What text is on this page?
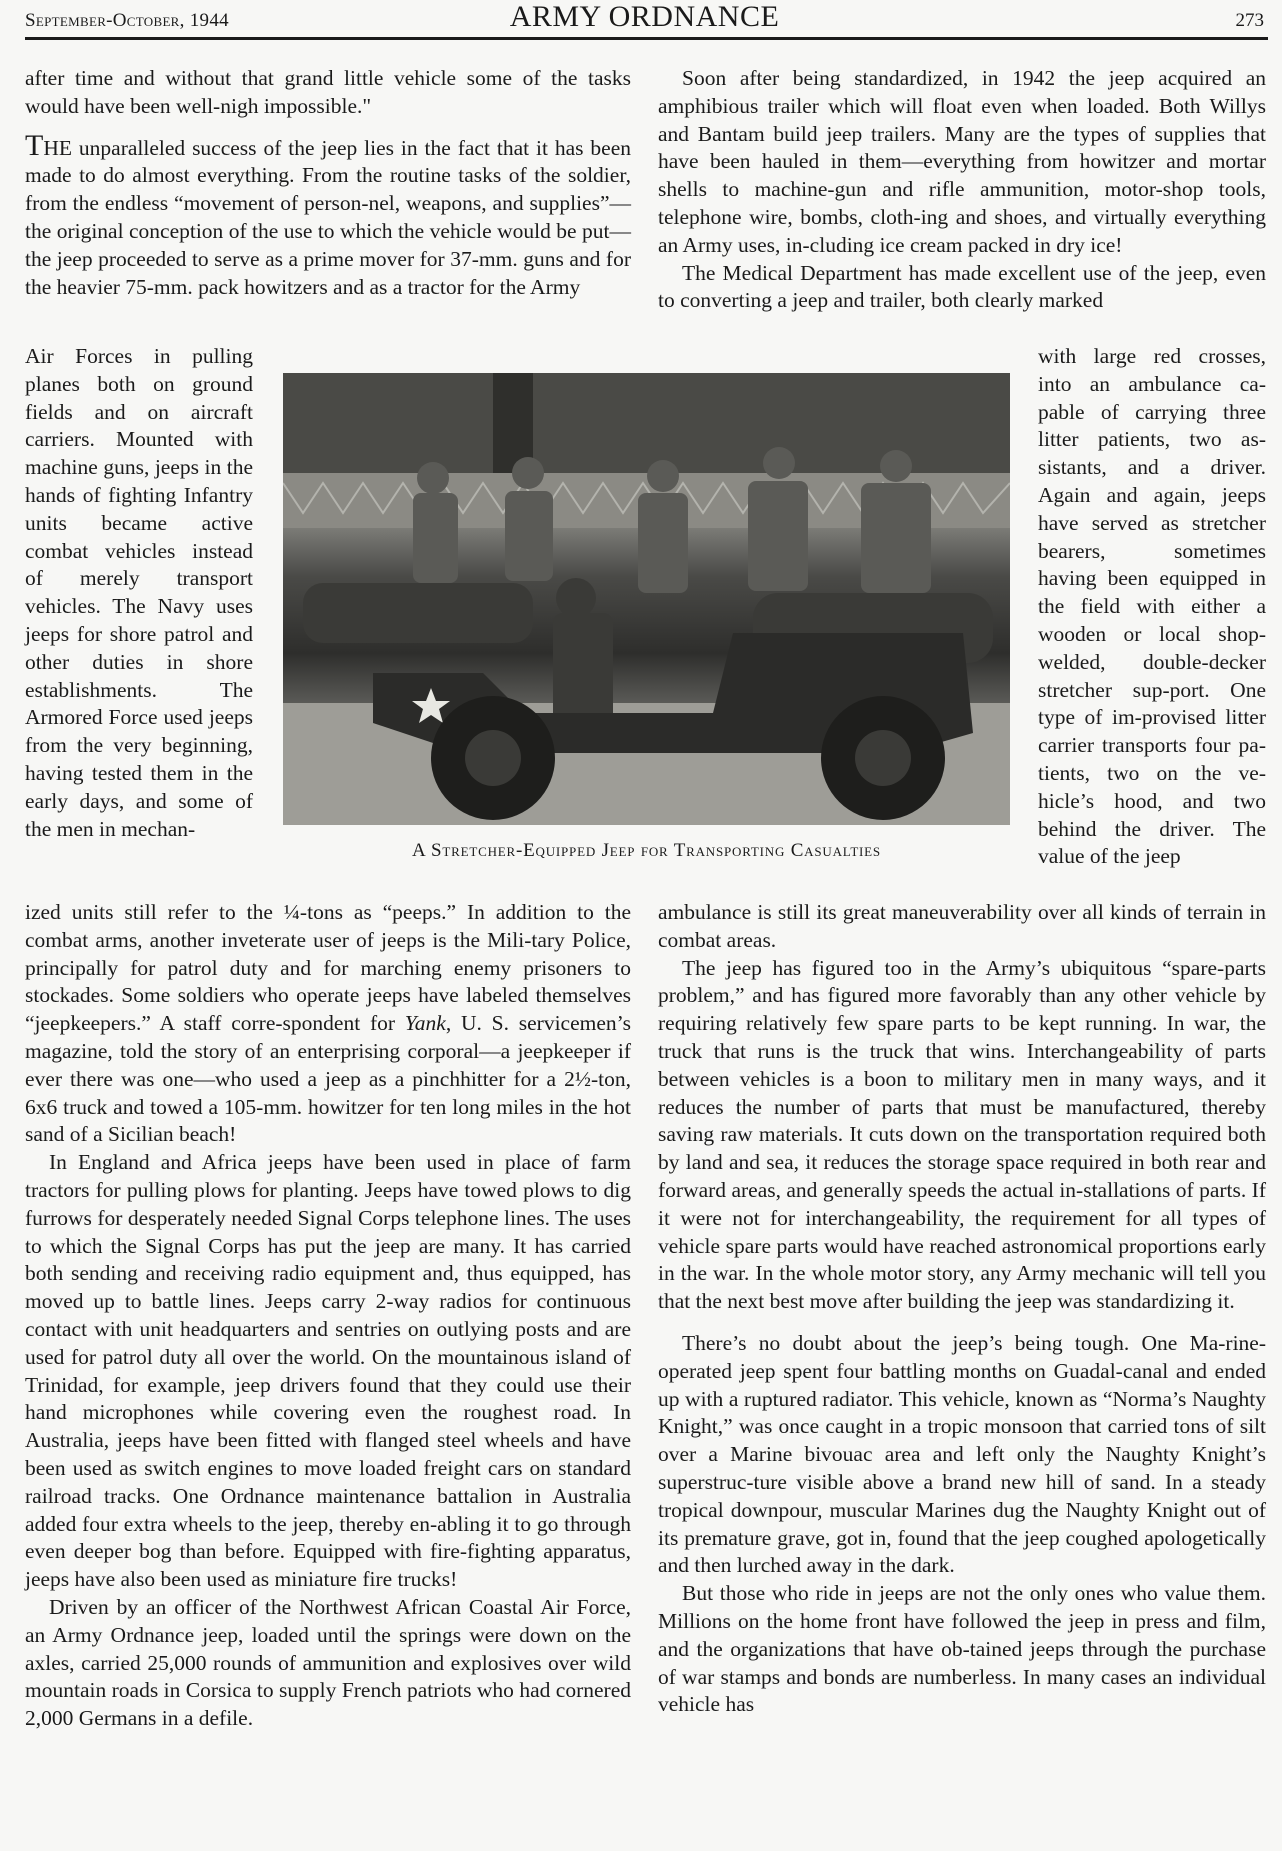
September-October, 1944	ARMY ORDNANCE	273

after time and without that grand little vehicle some of the tasks would have been well-nigh impossible."

THE unparalleled success of the jeep lies in the fact that it has been made to do almost everything. From the routine tasks of the soldier, from the endless “movement of person-nel, weapons, and supplies”—the original conception of the use to which the vehicle would be put—the jeep proceeded to serve as a prime mover for 37-mm. guns and for the heavier 75-mm. pack howitzers and as a tractor for the Army

Air Forces in pulling planes both on ground fields and on aircraft carriers. Mounted with machine guns, jeeps in the hands of fighting Infantry units became active combat vehicles instead of merely transport vehicles. The Navy uses jeeps for shore patrol and other duties in shore establishments. The Armored Force used jeeps from the very beginning, having tested them in the early days, and some of the men in mechan-

A Stretcher-Equipped Jeep for Transporting Casualties

ized units still refer to the ¼-tons as “peeps.” In addition to the combat arms, another inveterate user of jeeps is the Mili-tary Police, principally for patrol duty and for marching enemy prisoners to stockades. Some soldiers who operate jeeps have labeled themselves “jeepkeepers.” A staff corre-spondent for Yank, U. S. servicemen’s magazine, told the story of an enterprising corporal—a jeepkeeper if ever there was one—who used a jeep as a pinchhitter for a 2½-ton, 6x6 truck and towed a 105-mm. howitzer for ten long miles in the hot sand of a Sicilian beach!

In England and Africa jeeps have been used in place of farm tractors for pulling plows for planting. Jeeps have towed plows to dig furrows for desperately needed Signal Corps telephone lines. The uses to which the Signal Corps has put the jeep are many. It has carried both sending and receiving radio equipment and, thus equipped, has moved up to battle lines. Jeeps carry 2-way radios for continuous contact with unit headquarters and sentries on outlying posts and are used for patrol duty all over the world. On the mountainous island of Trinidad, for example, jeep drivers found that they could use their hand microphones while covering even the roughest road. In Australia, jeeps have been fitted with flanged steel wheels and have been used as switch engines to move loaded freight cars on standard railroad tracks. One Ordnance maintenance battalion in Australia added four extra wheels to the jeep, thereby en-abling it to go through even deeper bog than before. Equipped with fire-fighting apparatus, jeeps have also been used as miniature fire trucks!

Driven by an officer of the Northwest African Coastal Air Force, an Army Ordnance jeep, loaded until the springs were down on the axles, carried 25,000 rounds of ammunition and explosives over wild mountain roads in Corsica to supply French patriots who had cornered 2,000 Germans in a defile.

Soon after being standardized, in 1942 the jeep acquired an amphibious trailer which will float even when loaded. Both Willys and Bantam build jeep trailers. Many are the types of supplies that have been hauled in them—everything from howitzer and mortar shells to machine-gun and rifle ammunition, motor-shop tools, telephone wire, bombs, cloth-ing and shoes, and virtually everything an Army uses, in-cluding ice cream packed in dry ice!

The Medical Department has made excellent use of the jeep, even to converting a jeep and trailer, both clearly marked

with large red crosses, into an ambulance ca-pable of carrying three litter patients, two as-sistants, and a driver. Again and again, jeeps have served as stretcher bearers, sometimes having been equipped in the field with either a wooden or local shop-welded, double-decker stretcher sup-port. One type of im-provised litter carrier transports four pa-tients, two on the ve-hicle’s hood, and two behind the driver. The value of the jeep

ambulance is still its great maneuverability over all kinds of terrain in combat areas.

The jeep has figured too in the Army’s ubiquitous “spare-parts problem,” and has figured more favorably than any other vehicle by requiring relatively few spare parts to be kept running. In war, the truck that runs is the truck that wins. Interchangeability of parts between vehicles is a boon to military men in many ways, and it reduces the number of parts that must be manufactured, thereby saving raw materials. It cuts down on the transportation required both by land and sea, it reduces the storage space required in both rear and forward areas, and generally speeds the actual in-stallations of parts. If it were not for interchangeability, the requirement for all types of vehicle spare parts would have reached astronomical proportions early in the war. In the whole motor story, any Army mechanic will tell you that the next best move after building the jeep was standardizing it.

There’s no doubt about the jeep’s being tough. One Ma-rine-operated jeep spent four battling months on Guadal-canal and ended up with a ruptured radiator. This vehicle, known as “Norma’s Naughty Knight,” was once caught in a tropic monsoon that carried tons of silt over a Marine bivouac area and left only the Naughty Knight’s superstruc-ture visible above a brand new hill of sand. In a steady tropical downpour, muscular Marines dug the Naughty Knight out of its premature grave, got in, found that the jeep coughed apologetically and then lurched away in the dark.

But those who ride in jeeps are not the only ones who value them. Millions on the home front have followed the jeep in press and film, and the organizations that have ob-tained jeeps through the purchase of war stamps and bonds are numberless. In many cases an individual vehicle has
